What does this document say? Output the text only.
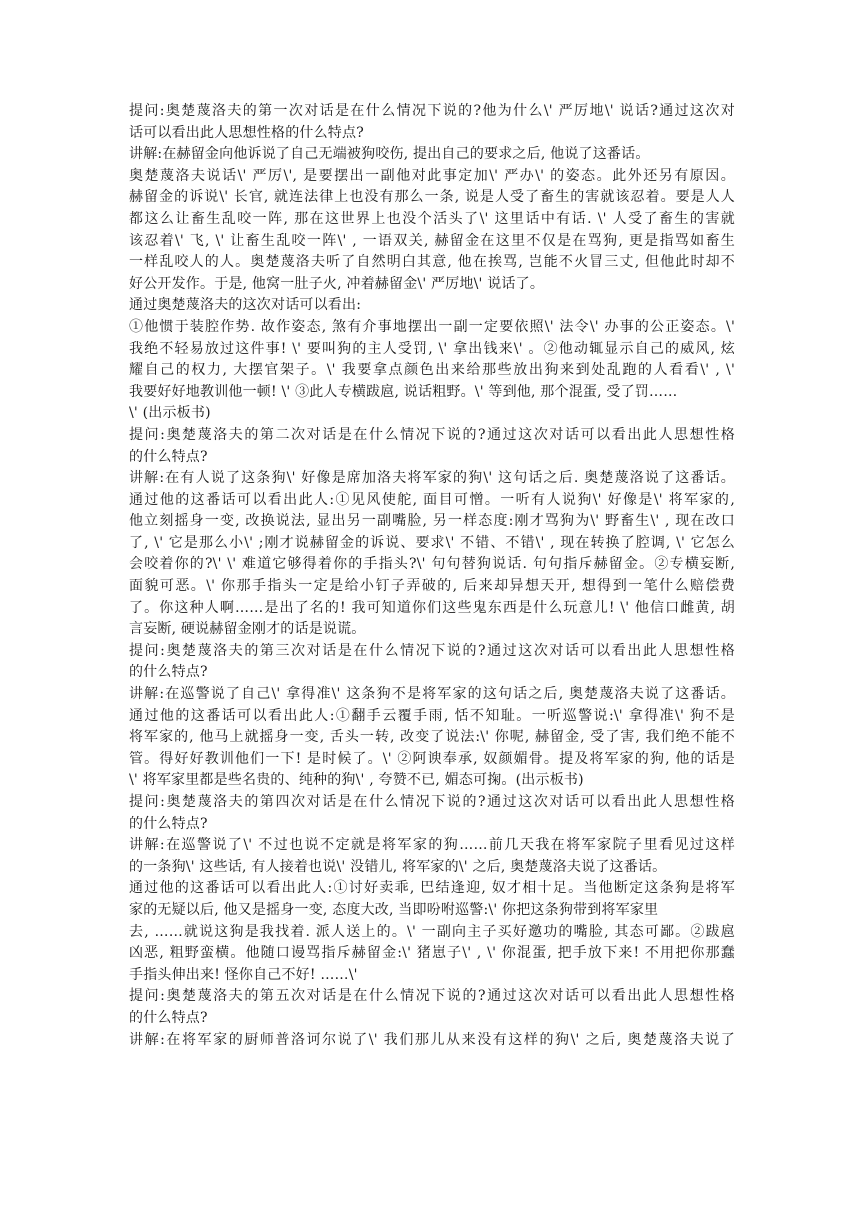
提问:奥楚蔑洛夫的第一次对话是在什么情况下说的?他为什么\' 严厉地\' 说话?通过这次对
话可以看出此人思想性格的什么特点?
讲解:在赫留金向他诉说了自己无端被狗咬伤, 提出自己的要求之后, 他说了这番话。
奥楚蔑洛夫说话\' 严厉\', 是要摆出一副他对此事定加\' 严办\' 的姿态。此外还另有原因。
赫留金的诉说\' 长官, 就连法律上也没有那么一条, 说是人受了畜生的害就该忍着。要是人人
都这么让畜生乱咬一阵, 那在这世界上也没个活头了\' 这里话中有话. \' 人受了畜生的害就
该忍着\' 飞, \' 让畜生乱咬一阵\' , 一语双关, 赫留金在这里不仅是在骂狗, 更是指骂如畜生
一样乱咬人的人。奥楚蔑洛夫听了自然明白其意, 他在挨骂, 岂能不火冒三丈, 但他此时却不
好公开发作。于是, 他窝一肚子火, 冲着赫留金\' 严厉地\' 说话了。
通过奥楚蔑洛夫的这次对话可以看出:
①他惯于装腔作势. 故作姿态, 煞有介事地摆出一副一定要依照\' 法令\' 办事的公正姿态。\'
我绝不轻易放过这件事! \' 要叫狗的主人受罚, \' 拿出钱来\' 。②他动辄显示自己的威风, 炫
耀自己的权力, 大摆官架子。\' 我要拿点颜色出来给那些放出狗来到处乱跑的人看看\' , \'
我要好好地教训他一顿! \' ③此人专横跋扈, 说话粗野。\' 等到他, 那个混蛋, 受了罚……
\' (出示板书)
提问:奥楚蔑洛夫的第二次对话是在什么情况下说的?通过这次对话可以看出此人思想性格
的什么特点?
讲解:在有人说了这条狗\' 好像是席加洛夫将军家的狗\' 这句话之后. 奥楚蔑洛说了这番话。
通过他的这番话可以看出此人:①见风使舵, 面目可憎。一听有人说狗\' 好像是\' 将军家的,
他立刻摇身一变, 改换说法, 显出另一副嘴脸, 另一样态度:刚才骂狗为\' 野畜生\' , 现在改口
了, \' 它是那么小\' ;刚才说赫留金的诉说、要求\' 不错、不错\' , 现在转换了腔调, \' 它怎么
会咬着你的?\' \' 难道它够得着你的手指头?\' 句句替狗说话. 句句指斥赫留金。②专横妄断,
面貌可恶。\' 你那手指头一定是给小钉子弄破的, 后来却异想天开, 想得到一笔什么赔偿费
了。你这种人啊……是出了名的! 我可知道你们这些鬼东西是什么玩意儿! \' 他信口雌黄, 胡
言妄断, 硬说赫留金刚才的话是说谎。
提问:奥楚蔑洛夫的第三次对话是在什么情况下说的?通过这次对话可以看出此人思想性格
的什么特点?
讲解:在巡警说了自己\' 拿得准\' 这条狗不是将军家的这句话之后, 奥楚蔑洛夫说了这番话。
通过他的这番话可以看出此人:①翻手云覆手雨, 恬不知耻。一听巡警说:\' 拿得准\' 狗不是
将军家的, 他马上就摇身一变, 舌头一转, 改变了说法:\' 你呢, 赫留金, 受了害, 我们绝不能不
管。得好好教训他们一下! 是时候了。\' ②阿谀奉承, 奴颜媚骨。提及将军家的狗, 他的话是
\' 将军家里都是些名贵的、纯种的狗\' , 夸赞不已, 媚态可掬。(出示板书)
提问:奥楚蔑洛夫的第四次对话是在什么情况下说的?通过这次对话可以看出此人思想性格
的什么特点?
讲解:在巡警说了\' 不过也说不定就是将军家的狗……前几天我在将军家院子里看见过这样
的一条狗\' 这些话, 有人接着也说\' 没错儿, 将军家的\' 之后, 奥楚蔑洛夫说了这番话。
通过他的这番话可以看出此人:①讨好卖乖, 巴结逢迎, 奴才相十足。当他断定这条狗是将军
家的无疑以后, 他又是摇身一变, 态度大改, 当即吩咐巡警:\' 你把这条狗带到将军家里
去, ……就说这狗是我找着. 派人送上的。\' 一副向主子买好邀功的嘴脸, 其态可鄙。②跋扈
凶恶, 粗野蛮横。他随口谩骂指斥赫留金:\' 猪崽子\' , \' 你混蛋, 把手放下来! 不用把你那蠢
手指头伸出来! 怪你自己不好! ……\'
提问:奥楚蔑洛夫的第五次对话是在什么情况下说的?通过这次对话可以看出此人思想性格
的什么特点?
讲解:在将军家的厨师普洛诃尔说了\' 我们那儿从来没有这样的狗\' 之后, 奥楚蔑洛夫说了
